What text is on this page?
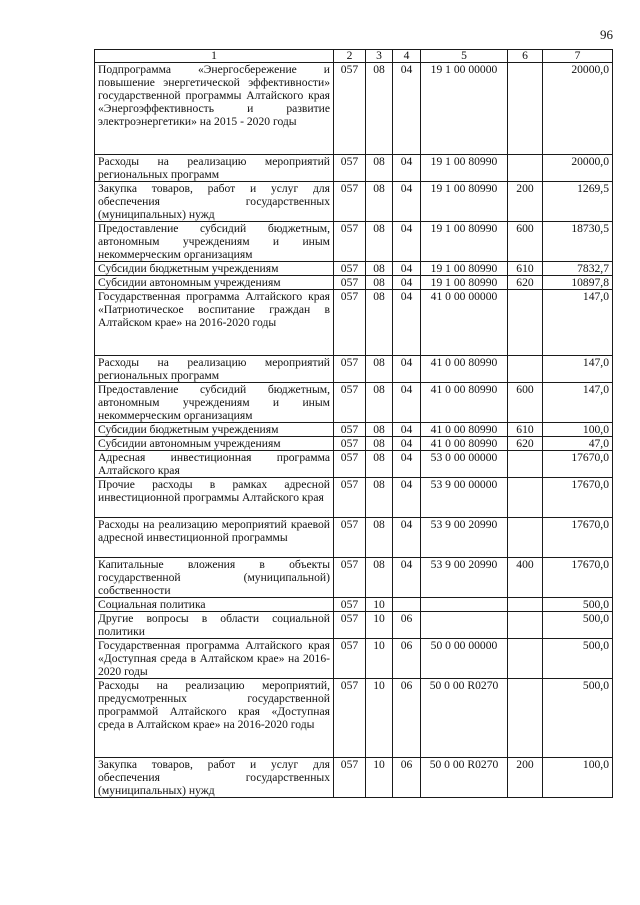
96
1	2	3	4	5	6	7
Подпрограмма «Энергосбережение и повышение энергетической эффективности» государственной программы Алтайского края «Энергоэффективность и развитие электроэнергетики» на 2015 - 2020 годы	057	08	04	19 1 00 00000		20000,0
Расходы на реализацию мероприятий региональных программ	057	08	04	19 1 00 80990		20000,0
Закупка товаров, работ и услуг для обеспечения государственных (муниципальных) нужд	057	08	04	19 1 00 80990	200	1269,5
Предоставление субсидий бюджетным, автономным учреждениям и иным некоммерческим организациям	057	08	04	19 1 00 80990	600	18730,5
Субсидии бюджетным учреждениям	057	08	04	19 1 00 80990	610	7832,7
Субсидии автономным учреждениям	057	08	04	19 1 00 80990	620	10897,8
Государственная программа Алтайского края «Патриотическое воспитание граждан в Алтайском крае» на 2016-2020 годы	057	08	04	41 0 00 00000		147,0
Расходы на реализацию мероприятий региональных программ	057	08	04	41 0 00 80990		147,0
Предоставление субсидий бюджетным, автономным учреждениям и иным некоммерческим организациям	057	08	04	41 0 00 80990	600	147,0
Субсидии бюджетным учреждениям	057	08	04	41 0 00 80990	610	100,0
Субсидии автономным учреждениям	057	08	04	41 0 00 80990	620	47,0
Адресная инвестиционная программа Алтайского края	057	08	04	53 0 00 00000		17670,0
Прочие расходы в рамках адресной инвестиционной программы Алтайского края	057	08	04	53 9 00 00000		17670,0
Расходы на реализацию мероприятий краевой адресной инвестиционной программы	057	08	04	53 9 00 20990		17670,0
Капитальные вложения в объекты государственной (муниципальной) собственности	057	08	04	53 9 00 20990	400	17670,0
Социальная политика	057	10				500,0
Другие вопросы в области социальной политики	057	10	06			500,0
Государственная программа Алтайского края «Доступная среда в Алтайском крае» на 2016-2020 годы	057	10	06	50 0 00 00000		500,0
Расходы на реализацию мероприятий, предусмотренных государственной программой Алтайского края «Доступная среда в Алтайском крае» на 2016-2020 годы	057	10	06	50 0 00 R0270		500,0
Закупка товаров, работ и услуг для обеспечения государственных (муниципальных) нужд	057	10	06	50 0 00 R0270	200	100,0
